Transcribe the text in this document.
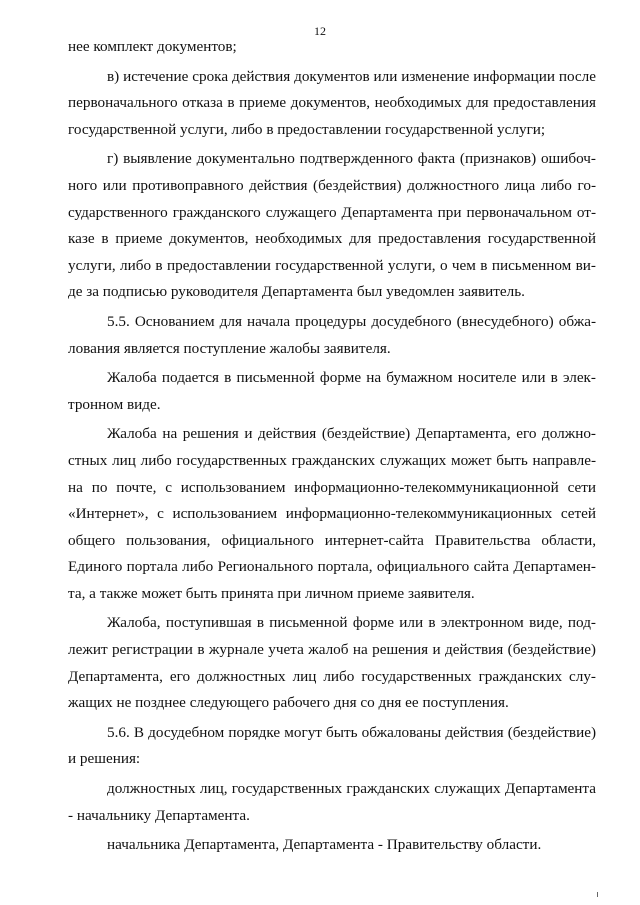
12
нее комплект документов;
в) истечение срока действия документов или изменение информации после
первоначального отказа в приеме документов, необходимых для предоставления
государственной услуги, либо в предоставлении государственной услуги;
г) выявление документально подтвержденного факта (признаков) ошибоч-
ного или противоправного действия (бездействия) должностного лица либо го-
сударственного гражданского служащего Департамента при первоначальном от-
казе в приеме документов, необходимых для предоставления государственной
услуги, либо в предоставлении государственной услуги, о чем в письменном ви-
де за подписью руководителя Департамента был уведомлен заявитель.
5.5. Основанием для начала процедуры досудебного (внесудебного) обжа-
лования является поступление жалобы заявителя.
Жалоба подается в письменной форме на бумажном носителе или в элек-
тронном виде.
Жалоба на решения и действия (бездействие) Департамента, его должно-
стных лиц либо государственных гражданских служащих может быть направле-
на по почте, с использованием информационно-телекоммуникационной сети
«Интернет», с использованием информационно-телекоммуникационных сетей
общего пользования, официального интернет-сайта Правительства области,
Единого портала либо Регионального портала, официального сайта Департамен-
та, а также может быть принята при личном приеме заявителя.
Жалоба, поступившая в письменной форме или в электронном виде, под-
лежит регистрации в журнале учета жалоб на решения и действия (бездействие)
Департамента, его должностных лиц либо государственных гражданских слу-
жащих не позднее следующего рабочего дня со дня ее поступления.
5.6. В досудебном порядке могут быть обжалованы действия (бездействие)
и решения:
должностных лиц, государственных гражданских служащих Департамента
- начальнику Департамента.
начальника Департамента, Департамента - Правительству области.
